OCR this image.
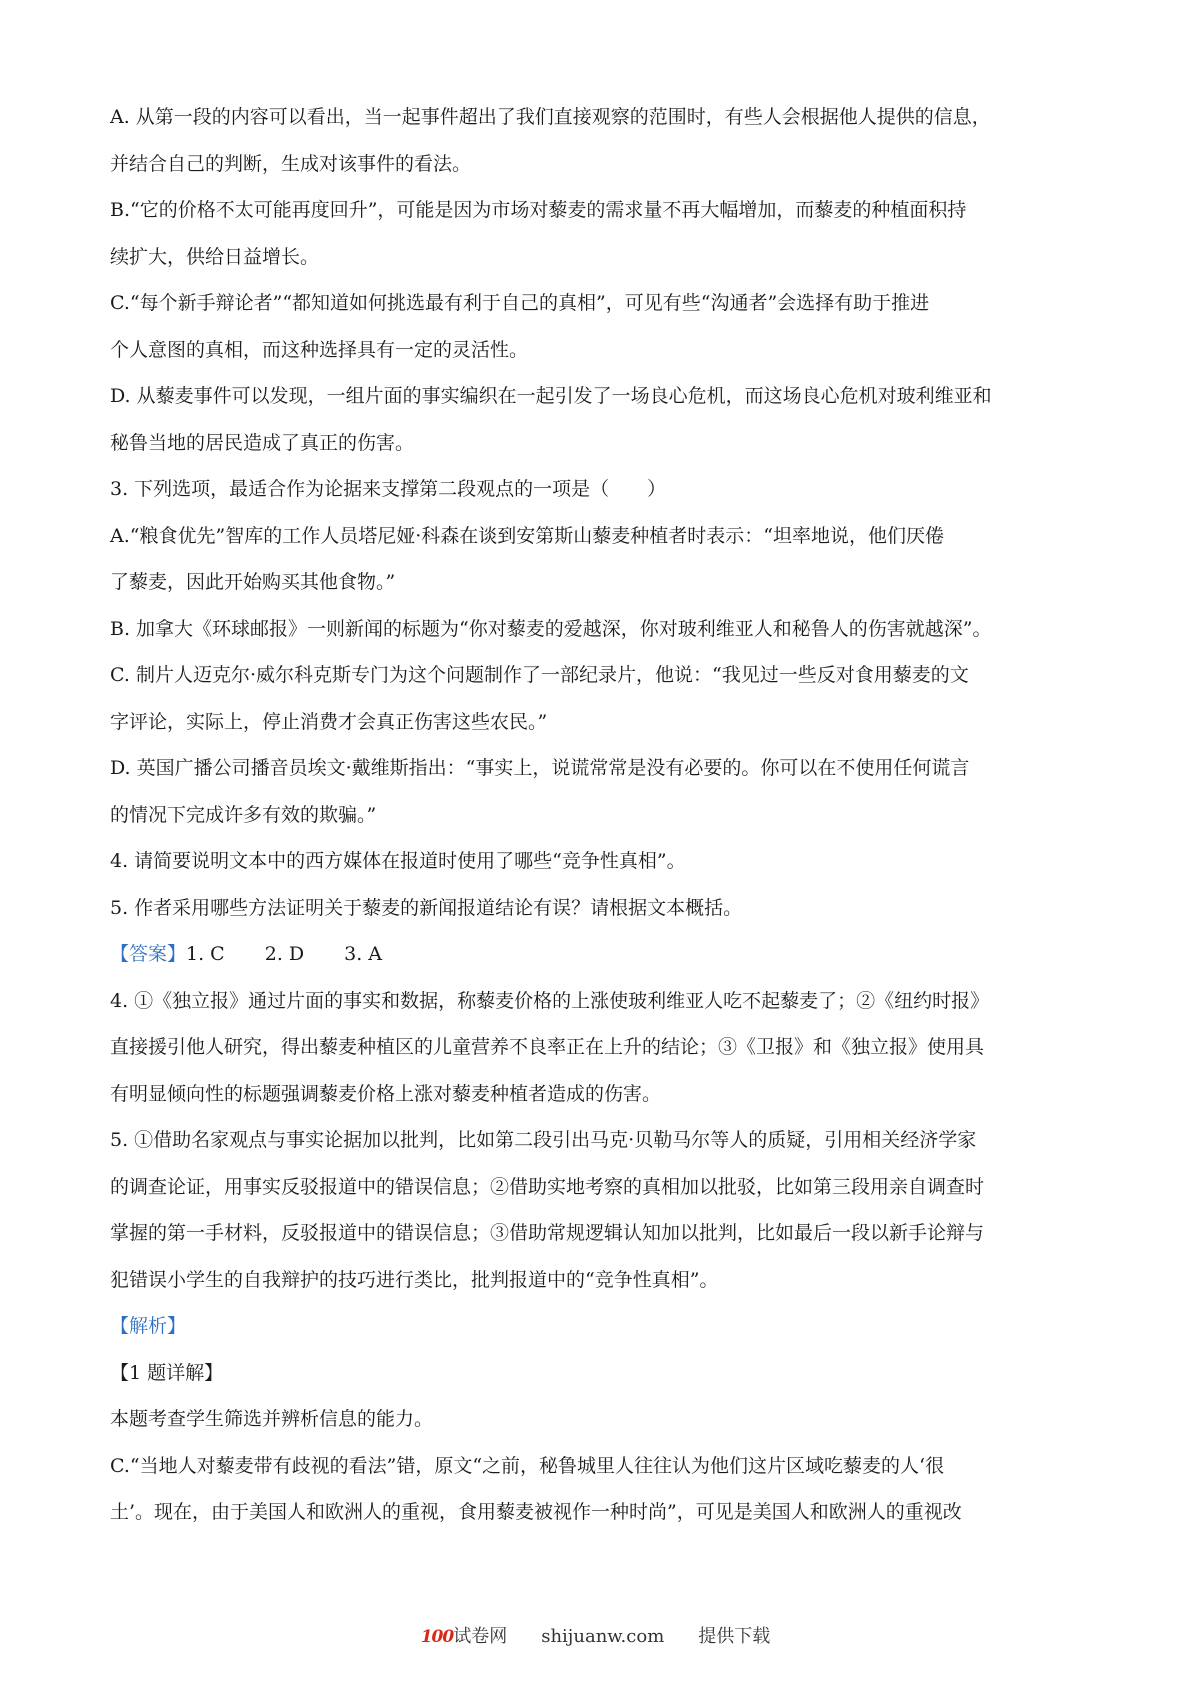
A. 从第一段的内容可以看出，当一起事件超出了我们直接观察的范围时，有些人会根据他人提供的信息，

并结合自己的判断，生成对该事件的看法。

B.“它的价格不太可能再度回升”，可能是因为市场对藜麦的需求量不再大幅增加，而藜麦的种植面积持

续扩大，供给日益增长。

C.“每个新手辩论者”“都知道如何挑选最有利于自己的真相”，可见有些“沟通者”会选择有助于推进

个人意图的真相，而这种选择具有一定的灵活性。

D. 从藜麦事件可以发现，一组片面的事实编织在一起引发了一场良心危机，而这场良心危机对玻利维亚和

秘鲁当地的居民造成了真正的伤害。

3. 下列选项，最适合作为论据来支撑第二段观点的一项是（　　）

A.“粮食优先”智库的工作人员塔尼娅·科森在谈到安第斯山藜麦种植者时表示：“坦率地说，他们厌倦

了藜麦，因此开始购买其他食物。”

B. 加拿大《环球邮报》一则新闻的标题为“你对藜麦的爱越深，你对玻利维亚人和秘鲁人的伤害就越深”。

C. 制片人迈克尔·威尔科克斯专门为这个问题制作了一部纪录片，他说：“我见过一些反对食用藜麦的文

字评论，实际上，停止消费才会真正伤害这些农民。”

D. 英国广播公司播音员埃文·戴维斯指出：“事实上，说谎常常是没有必要的。你可以在不使用任何谎言

的情况下完成许多有效的欺骗。”

4. 请简要说明文本中的西方媒体在报道时使用了哪些“竞争性真相”。

5. 作者采用哪些方法证明关于藜麦的新闻报道结论有误？请根据文本概括。

【答案】1. C 2. D 3. A

4. ①《独立报》通过片面的事实和数据，称藜麦价格的上涨使玻利维亚人吃不起藜麦了；②《纽约时报》

直接援引他人研究，得出藜麦种植区的儿童营养不良率正在上升的结论；③《卫报》和《独立报》使用具

有明显倾向性的标题强调藜麦价格上涨对藜麦种植者造成的伤害。

5. ①借助名家观点与事实论据加以批判，比如第二段引出马克·贝勒马尔等人的质疑，引用相关经济学家

的调查论证，用事实反驳报道中的错误信息；②借助实地考察的真相加以批驳，比如第三段用亲自调查时

掌握的第一手材料，反驳报道中的错误信息；③借助常规逻辑认知加以批判，比如最后一段以新手论辩与

犯错误小学生的自我辩护的技巧进行类比，批判报道中的“竞争性真相”。

【解析】

【1 题详解】

本题考查学生筛选并辨析信息的能力。

C.“当地人对藜麦带有歧视的看法”错，原文“之前，秘鲁城里人往往认为他们这片区域吃藜麦的人‘很

土’。现在，由于美国人和欧洲人的重视，食用藜麦被视作一种时尚”，可见是美国人和欧洲人的重视改

100试卷网 shijuanw.com 提供下载
